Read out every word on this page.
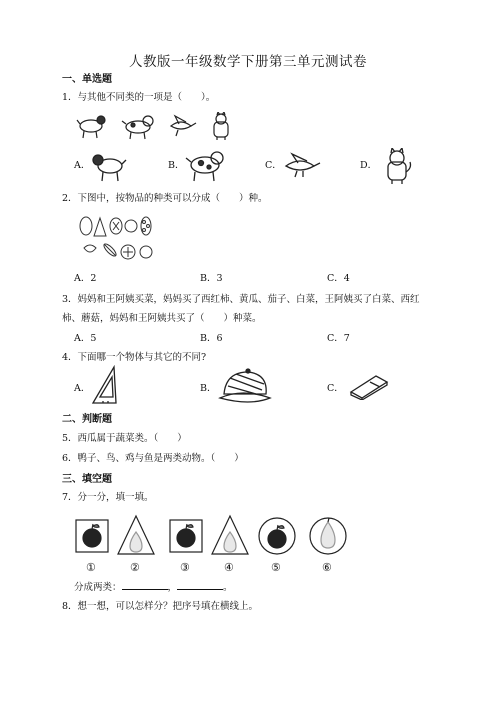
人教版一年级数学下册第三单元测试卷
一、单选题
1．与其他不同类的一项是（　　）。
A．	B．	C．	D．
2．下图中，按物品的种类可以分成（　　）种。
A．2	B．3	C．4
3．妈妈和王阿姨买菜，妈妈买了西红柿、黄瓜、茄子、白菜，王阿姨买了白菜、西红
柿、蘑菇，妈妈和王阿姨共买了（　　）种菜。
A．5	B．6	C．7
4．下面哪一个物体与其它的不同?
A．	B．	C．
二、判断题
5．西瓜属于蔬菜类。（　　）
6．鸭子、鸟、鸡与鱼是两类动物。（　　）
三、填空题
7．分一分，填一填。
①	②	③	④	⑤	⑥
分成两类：	，	。
8．想一想，可以怎样分？把序号填在横线上。
